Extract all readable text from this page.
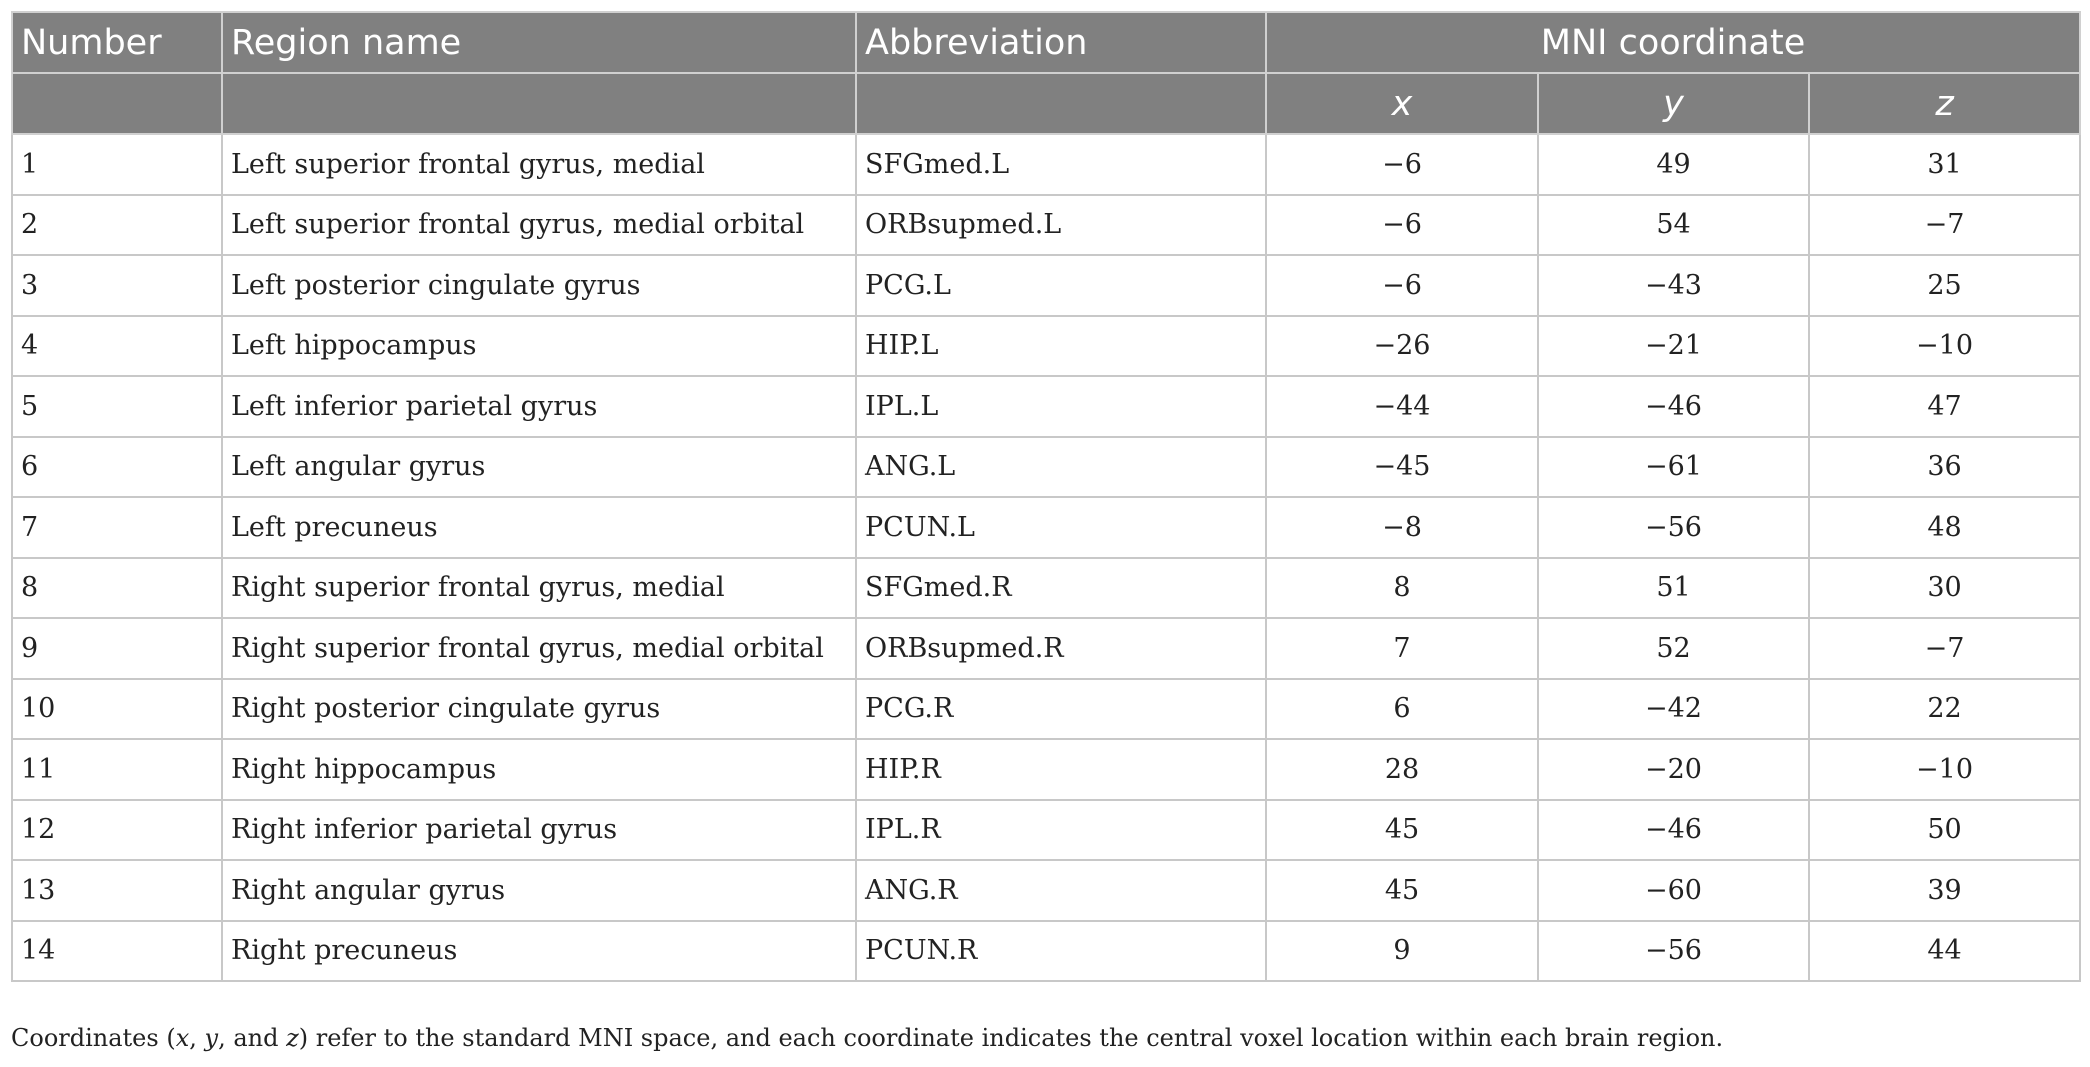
Number	Region name	Abbreviation	MNI coordinate		
			x	y	z
1	Left superior frontal gyrus, medial	SFGmed.L	−6	49	31
2	Left superior frontal gyrus, medial orbital	ORBsupmed.L	−6	54	−7
3	Left posterior cingulate gyrus	PCG.L	−6	−43	25
4	Left hippocampus	HIP.L	−26	−21	−10
5	Left inferior parietal gyrus	IPL.L	−44	−46	47
6	Left angular gyrus	ANG.L	−45	−61	36
7	Left precuneus	PCUN.L	−8	−56	48
8	Right superior frontal gyrus, medial	SFGmed.R	8	51	30
9	Right superior frontal gyrus, medial orbital	ORBsupmed.R	7	52	−7
10	Right posterior cingulate gyrus	PCG.R	6	−42	22
11	Right hippocampus	HIP.R	28	−20	−10
12	Right inferior parietal gyrus	IPL.R	45	−46	50
13	Right angular gyrus	ANG.R	45	−60	39
14	Right precuneus	PCUN.R	9	−56	44
Coordinates (x, y, and z) refer to the standard MNI space, and each coordinate indicates the central voxel location within each brain region.
